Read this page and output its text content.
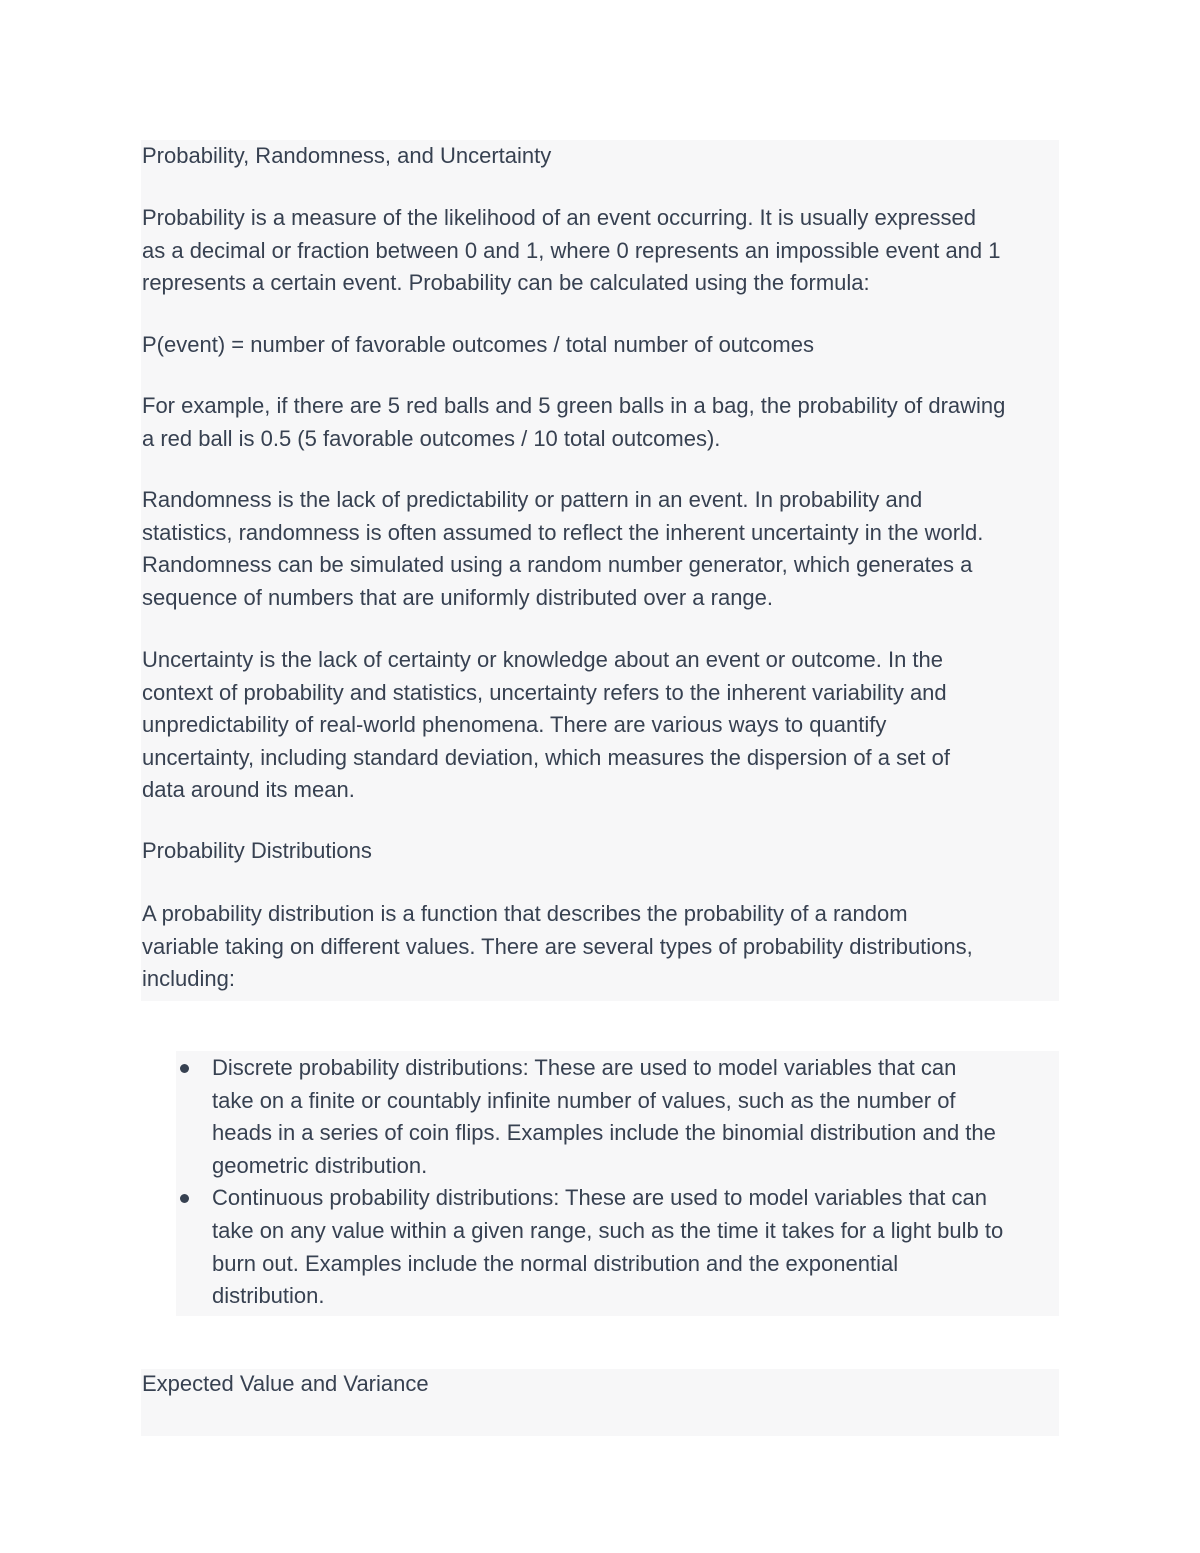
Probability, Randomness, and Uncertainty
Probability is a measure of the likelihood of an event occurring. It is usually expressed
as a decimal or fraction between 0 and 1, where 0 represents an impossible event and 1
represents a certain event. Probability can be calculated using the formula:
P(event) = number of favorable outcomes / total number of outcomes
For example, if there are 5 red balls and 5 green balls in a bag, the probability of drawing
a red ball is 0.5 (5 favorable outcomes / 10 total outcomes).
Randomness is the lack of predictability or pattern in an event. In probability and
statistics, randomness is often assumed to reflect the inherent uncertainty in the world.
Randomness can be simulated using a random number generator, which generates a
sequence of numbers that are uniformly distributed over a range.
Uncertainty is the lack of certainty or knowledge about an event or outcome. In the
context of probability and statistics, uncertainty refers to the inherent variability and
unpredictability of real-world phenomena. There are various ways to quantify
uncertainty, including standard deviation, which measures the dispersion of a set of
data around its mean.
Probability Distributions
A probability distribution is a function that describes the probability of a random
variable taking on different values. There are several types of probability distributions,
including:
Discrete probability distributions: These are used to model variables that can
take on a finite or countably infinite number of values, such as the number of
heads in a series of coin flips. Examples include the binomial distribution and the
geometric distribution.
Continuous probability distributions: These are used to model variables that can
take on any value within a given range, such as the time it takes for a light bulb to
burn out. Examples include the normal distribution and the exponential
distribution.
Expected Value and Variance
